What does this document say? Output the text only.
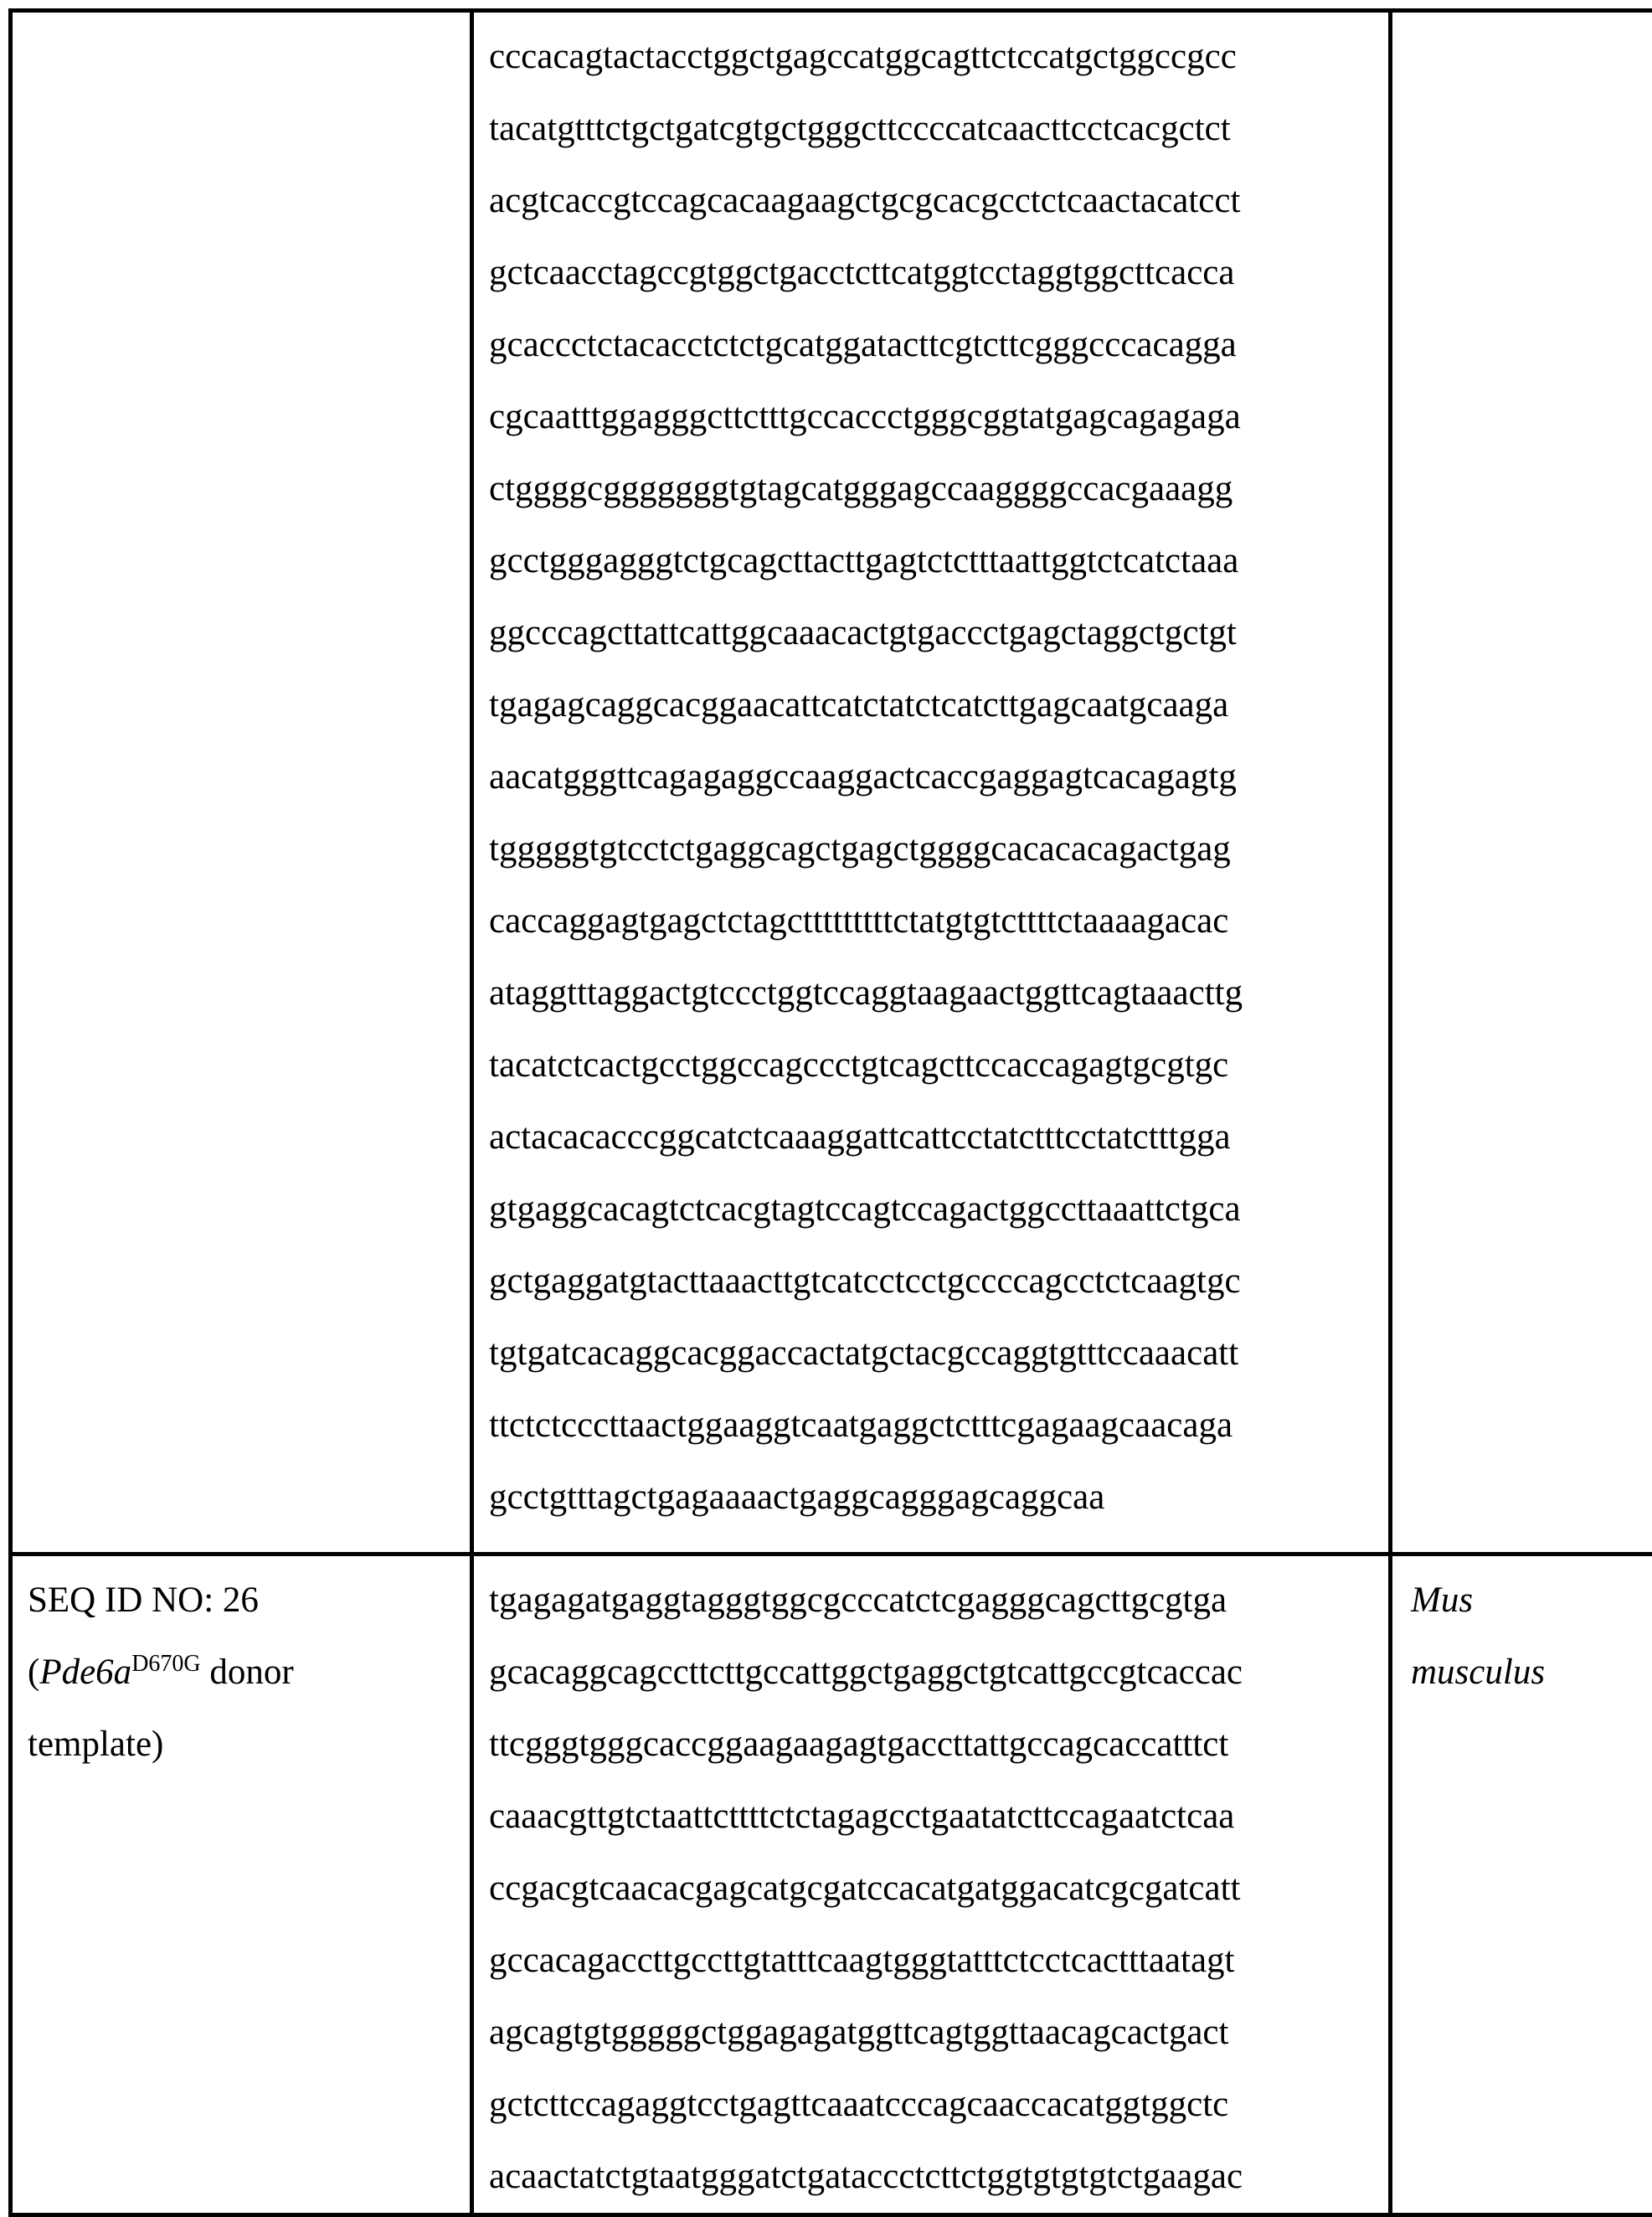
cccacagtactacctggctgagccatggcagttctccatgctggccgcc
tacatgtttctgctgatcgtgctgggcttccccatcaacttcctcacgctct
acgtcaccgtccagcacaagaagctgcgcacgcctctcaactacatcct
gctcaacctagccgtggctgacctcttcatggtcctaggtggcttcacca
gcaccctctacacctctctgcatggatacttcgtcttcgggcccacagga
cgcaatttggagggcttctttgccaccctgggcggtatgagcagagaga
ctggggcgggggggtgtagcatgggagccaaggggccacgaaagg
gcctgggagggtctgcagcttacttgagtctctttaattggtctcatctaaa
ggcccagcttattcattggcaaacactgtgaccctgagctaggctgctgt
tgagagcaggcacggaacattcatctatctcatcttgagcaatgcaaga
aacatgggttcagagaggccaaggactcaccgaggagtcacagagtg
tgggggtgtcctctgaggcagctgagctggggcacacacagactgag
caccaggagtgagctctagctttttttttctatgtgtcttttctaaaagacac
ataggtttaggactgtccctggtccaggtaagaactggttcagtaaacttg
tacatctcactgcctggccagccctgtcagcttccaccagagtgcgtgc
actacacacccggcatctcaaaggattcattcctatctttcctatctttgga
gtgaggcacagtctcacgtagtccagtccagactggccttaaattctgca
gctgaggatgtacttaaacttgtcatcctcctgccccagcctctcaagtgc
tgtgatcacaggcacggaccactatgctacgccaggtgtttccaaacatt
ttctctcccttaactggaaggtcaatgaggctctttcgagaagcaacaga
gcctgtttagctgagaaaactgaggcagggagcaggcaa

SEQ ID NO: 26
(Pde6aD670G donor
template)

tgagagatgaggtagggtggcgcccatctcgagggcagcttgcgtga
gcacaggcagccttcttgccattggctgaggctgtcattgccgtcaccac
ttcgggtgggcaccggaagaagagtgaccttattgccagcaccatttct
caaacgttgtctaattcttttctctagagcctgaatatcttccagaatctcaa
ccgacgtcaacacgagcatgcgatccacatgatggacatcgcgatcatt
gccacagaccttgccttgtatttcaagtgggtatttctcctcactttaatagt
agcagtgtgggggctggagagatggttcagtggttaacagcactgact
gctcttccagaggtcctgagttcaaatcccagcaaccacatggtggctc
acaactatctgtaatgggatctgataccctcttctggtgtgtgtctgaagac

Mus
musculus
